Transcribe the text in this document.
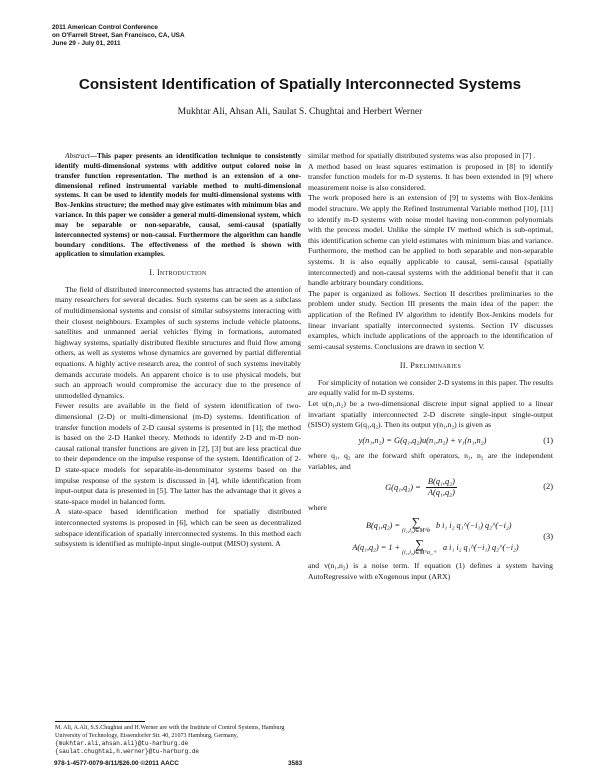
2011 American Control Conference
on O'Farrell Street, San Francisco, CA, USA
June 29 - July 01, 2011
Consistent Identification of Spatially Interconnected Systems
Mukhtar Ali, Ahsan Ali, Saulat S. Chughtai and Herbert Werner

Abstract—This paper presents an identification technique to consistently identify multi-dimensional systems with additive output colored noise in transfer function representation. The method is an extension of a one-dimensional refined instrumental variable method to multi-dimensional systems. It can be used to identify models for multi-dimensional systems with Box-Jenkins structure; the method may give estimates with minimum bias and variance. In this paper we consider a general multi-dimensional system, which may be separable or non-separable, causal, semi-causal (spatially interconnected systems) or non-causal. Furthermore the algorithm can handle boundary conditions. The effectiveness of the method is shown with application to simulation examples.

I. Introduction

The field of distributed interconnected systems has attracted the attention of many researchers for several decades. Such systems can be seen as a subclass of multidimensional systems and consist of similar subsystems interacting with their closest neighbours. Examples of such systems include vehicle platoons, satellites and unmanned aerial vehicles flying in formations, automated highway systems, spatially distributed flexible structures and fluid flow among others, as well as systems whose dynamics are governed by partial differential equations. A highly active research area, the control of such systems inevitably demands accurate models. An apparent choice is to use physical models, but such an approach would compromise the accuracy due to the presence of unmodelled dynamics.

Fewer results are available in the field of system identification of two-dimensional (2-D) or multi-dimensional (m-D) systems. Identification of transfer function models of 2-D causal systems is presented in [1]; the method is based on the 2-D Hankel theory. Methods to identify 2-D and m-D non-causal rational transfer functions are given in [2], [3] but are less practical due to their dependence on the impulse response of the system. Identification of 2-D state-space models for separable-in-denominator systems based on the impulse response of the system is discussed in [4], while identification from input-output data is presented in [5]. The latter has the advantage that it gives a state-space model in balanced form.

A state-space based identification method for spatially distributed interconnected systems is proposed in [6], which can be seen as decentralized subspace identification of spatially interconnected systems. In this method each subsystem is identified as multiple-input single-output (MISO) system. A

M. Ali, A.Ali, S.S.Chughtai and H.Werner are with the Institute of Control Systems, Hamburg University of Technology, Eissendorfer Str. 40, 21073 Hamburg, Germany, {mukhtar.ali,ahsan.ali}@tu-harburg.de
{saulat.chughtai,h.werner}@tu-harburg.de

similar method for spatially distributed systems was also proposed in [7] .

A method based on least squares estimation is proposed in [8] to identify transfer function models for m-D systems. It has been extended in [9] where measurement noise is also considered.

The work proposed here is an extension of [9] to systems with Box-Jenkins model structure. We apply the Refined Instrumental Variable method [10], [11] to identify m-D systems with noise model having non-common polynomials with the process model. Unlike the simple IV method which is sub-optimal, this identification scheme can yield estimates with minimum bias and variance. Furthermore, the method can be applied to both separable and non-separable systems. It is also equally applicable to causal, semi-causal (spatially interconnected) and non-causal systems with the additional benefit that it can handle arbitrary boundary conditions.

The paper is organized as follows. Section II describes preliminaries to the problem under study. Section III presents the main idea of the paper: the application of the Refined IV algorithm to identify Box-Jenkins models for linear invariant spatially interconnected systems. Section IV discusses examples, which include applications of the approach to the identification of semi-causal systems. Conclusions are drawn in section V.

II. Preliminaries

For simplicity of notation we consider 2-D systems in this paper. The results are equally valid for m-D systems.

Let u(n₁,n₂) be a two-dimensional discrete input signal applied to a linear invariant spatially interconnected 2-D discrete single-input single-output (SISO) system G(q₁,q₂). Then its output y(n₁,n₂) is given as

y(n₁,n₂) = G(q₁,q₂)u(n₁,n₂) + v₁(n₁,n₂)	(1)

where q₁, q₂ are the forward shift operators, n₁, n₂ are the independent variables, and

$G(q_1,q_2) = \frac{\text{B(q₁,q₂)}}{\text{A(q₁,q₂)}}$	(2)

where

B(q₁,q₂) = ∑
(i₁,i₂)∈M^b
b i₁ i₂ q₁^(−i₁) q₂^(−i₂)
A(q₁,q₂) = 1 + ∑
(i₁,i₂)∈M^a_+
a i₁ i₂ q₁^(−i₁) q₂^(−i₂)
(3)

and v(n₁,n₂) is a noise term. If equation (1) defines a system having AutoRegressive with eXogenous input (ARX)

978-1-4577-0079-8/11/$26.00 ©2011 AACC	3583
